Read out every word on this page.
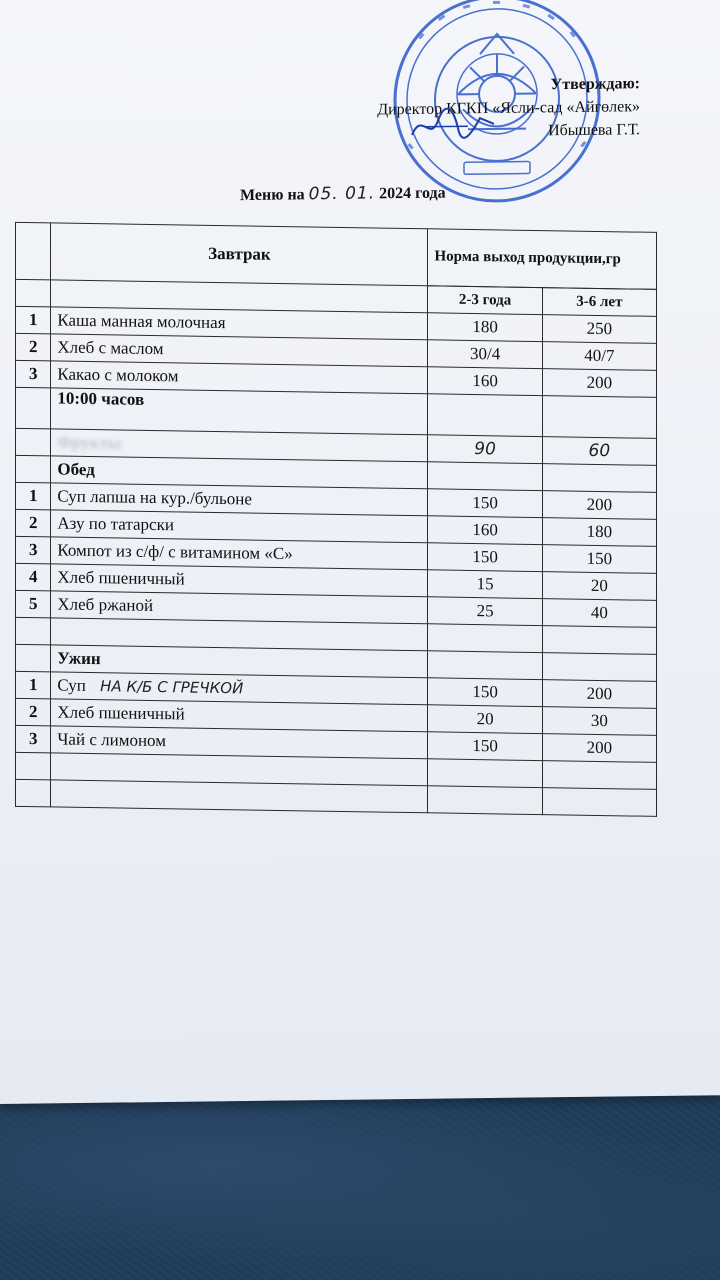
Утверждаю:
Директор КГКП «Ясли-сад «Айгөлек»
Ибышева Г.Т.
Меню на 05. 01. 2024 года
	Завтрак	Норма выход продукции,гр	

		2-3 года	3-6 лет
1	Каша манная молочная	180	250
2	Хлеб с маслом	30/4	40/7
3	Какао с молоком	160	200
	10:00 часов		
	Фрукты	90	60
	Обед		
1	Суп лапша на кур./бульоне	150	200
2	Азу по татарски	160	180
3	Компот из с/ф/ с витамином «С»	150	150
4	Хлеб пшеничный	15	20
5	Хлеб ржаной	25	40

	Ужин		
1	Суп НА К/Б С ГРЕЧКОЙ	150	200
2	Хлеб пшеничный	20	30
3	Чай с лимоном	150	200
